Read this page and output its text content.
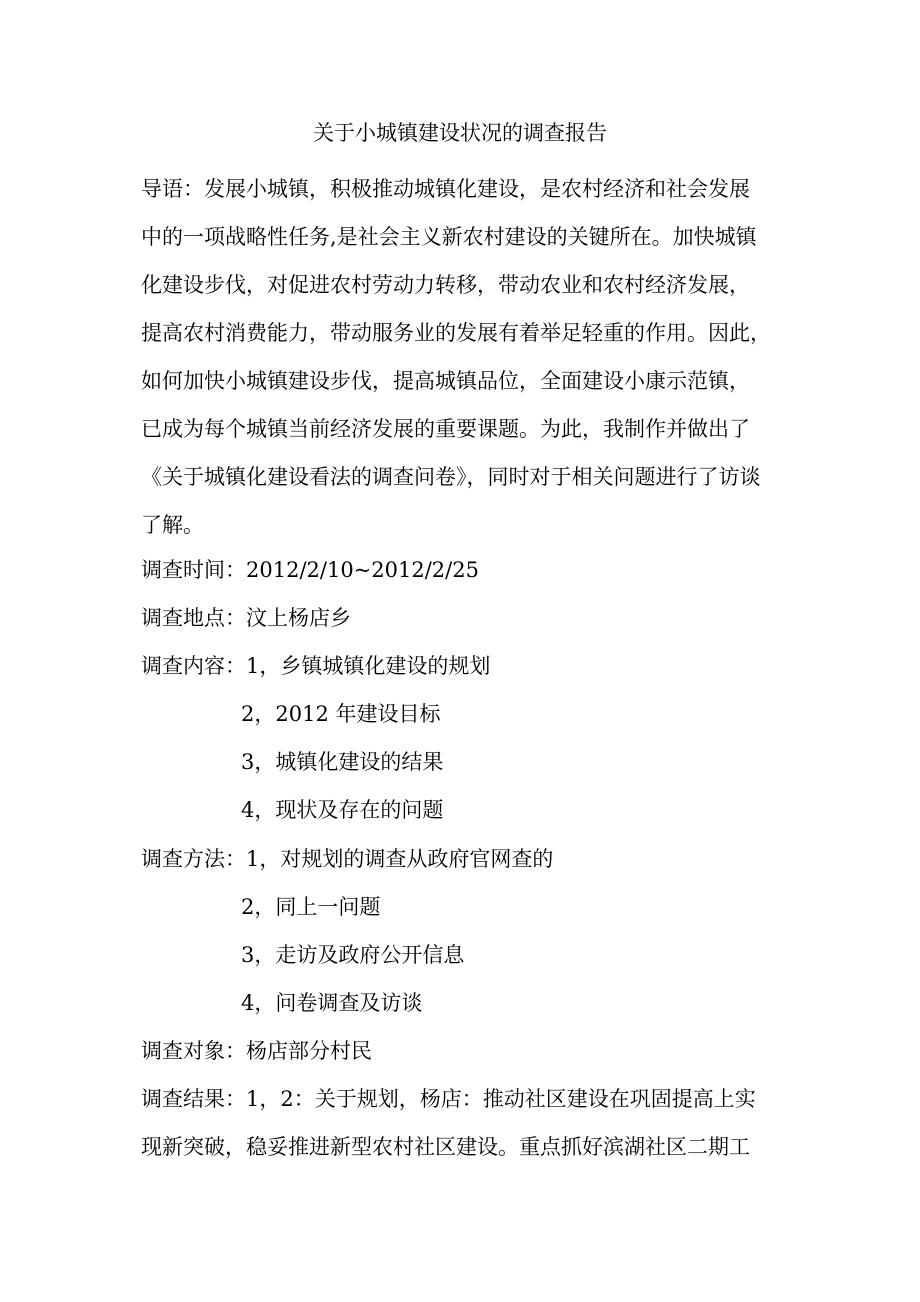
关于小城镇建设状况的调查报告
导语：发展小城镇，积极推动城镇化建设，是农村经济和社会发展
中的一项战略性任务,是社会主义新农村建设的关键所在。加快城镇
化建设步伐，对促进农村劳动力转移，带动农业和农村经济发展，
提高农村消费能力，带动服务业的发展有着举足轻重的作用。因此，
如何加快小城镇建设步伐，提高城镇品位，全面建设小康示范镇，
已成为每个城镇当前经济发展的重要课题。为此，我制作并做出了
《关于城镇化建设看法的调查问卷》，同时对于相关问题进行了访谈
了解。
调查时间：2012/2/10~2012/2/25
调查地点：汶上杨店乡
调查内容：1，乡镇城镇化建设的规划
2，2012 年建设目标
3，城镇化建设的结果
4，现状及存在的问题
调查方法：1，对规划的调查从政府官网查的
2，同上一问题
3，走访及政府公开信息
4，问卷调查及访谈
调查对象：杨店部分村民
调查结果：1，2：关于规划，杨店：推动社区建设在巩固提高上实
现新突破，稳妥推进新型农村社区建设。重点抓好滨湖社区二期工
